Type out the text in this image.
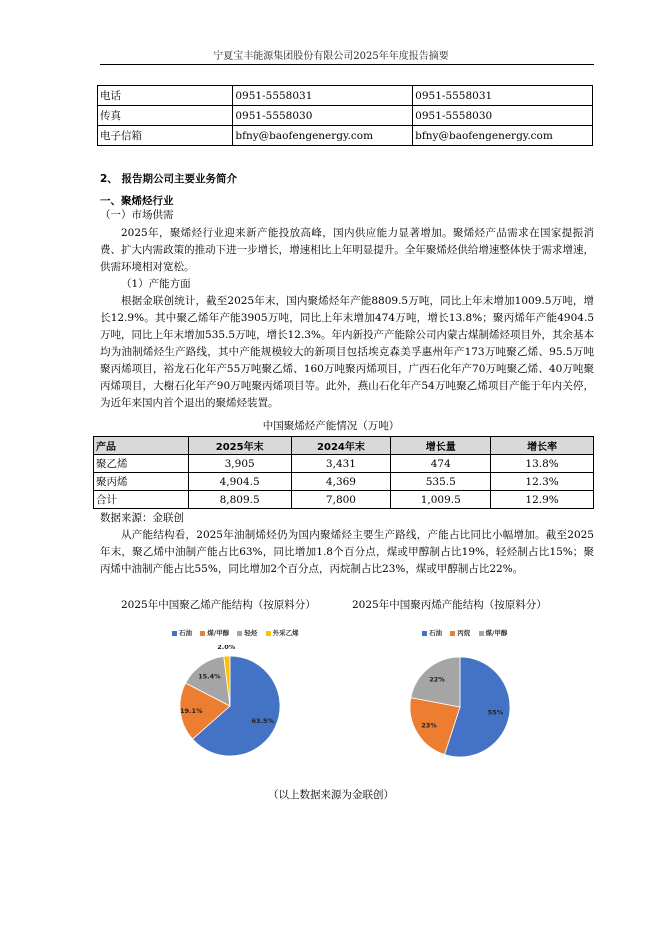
宁夏宝丰能源集团股份有限公司2025年年度报告摘要
电话	0951-5558031	0951-5558031
传真	0951-5558030	0951-5558030
电子信箱	bfny@baofengenergy.com	bfny@baofengenergy.com
2、 报告期公司主要业务简介
一、聚烯烃行业
（一）市场供需
2025年，聚烯烃行业迎来新产能投放高峰，国内供应能力显著增加。聚烯烃产品需求在国家提振消费、扩大内需政策的推动下进一步增长，增速相比上年明显提升。全年聚烯烃供给增速整体快于需求增速，供需环境相对宽松。
（1）产能方面
根据金联创统计，截至2025年末，国内聚烯烃年产能8809.5万吨，同比上年末增加1009.5万吨，增长12.9%。其中聚乙烯年产能3905万吨，同比上年末增加474万吨，增长13.8%；聚丙烯年产能4904.5万吨，同比上年末增加535.5万吨，增长12.3%。年内新投产产能除公司内蒙古煤制烯烃项目外，其余基本均为油制烯烃生产路线，其中产能规模较大的新项目包括埃克森美孚惠州年产173万吨聚乙烯、95.5万吨聚丙烯项目，裕龙石化年产55万吨聚乙烯、160万吨聚丙烯项目，广西石化年产70万吨聚乙烯、40万吨聚丙烯项目，大榭石化年产90万吨聚丙烯项目等。此外，燕山石化年产54万吨聚乙烯项目产能于年内关停，为近年来国内首个退出的聚烯烃装置。
中国聚烯烃产能情况（万吨）
产品	2025年末	2024年末	增长量	增长率
聚乙烯	3,905	3,431	474	13.8%
聚丙烯	4,904.5	4,369	535.5	12.3%
合计	8,809.5	7,800	1,009.5	12.9%
数据来源：金联创
从产能结构看，2025年油制烯烃仍为国内聚烯烃主要生产路线，产能占比同比小幅增加。截至2025年末，聚乙烯中油制产能占比63%，同比增加1.8个百分点，煤或甲醇制占比19%，轻烃制占比15%；聚丙烯中油制产能占比55%，同比增加2个百分点，丙烷制占比23%，煤或甲醇制占比22%。
2025年中国聚乙烯产能结构（按原料分）	2025年中国聚丙烯产能结构（按原料分）
石油 煤/甲醇 轻烃 外采乙烯	石油 丙烷 煤/甲醇
63.5%
19.1%
15.4%
2.0%
55%
23%
22%
（以上数据来源为金联创）
